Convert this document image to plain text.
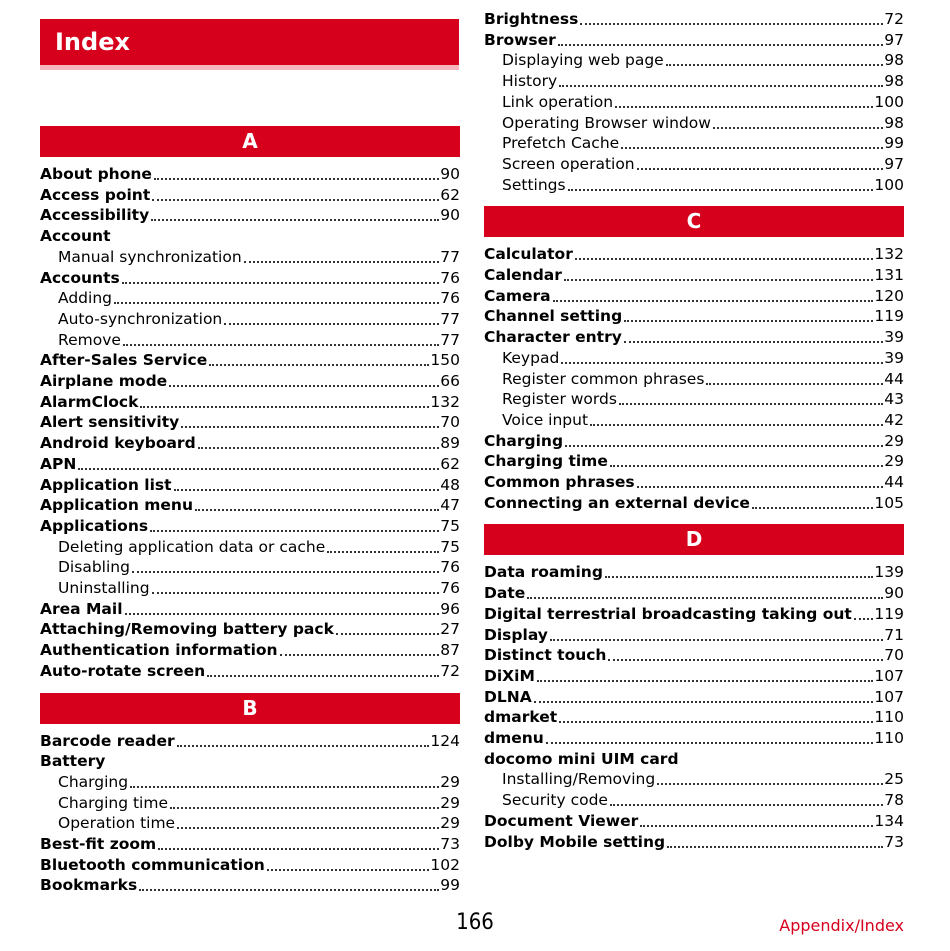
Index
A
About phone	90
Access point	62
Accessibility	90
Account
Manual synchronization	77
Accounts	76
Adding	76
Auto-synchronization	77
Remove	77
After-Sales Service	150
Airplane mode	66
AlarmClock	132
Alert sensitivity	70
Android keyboard	89
APN	62
Application list	48
Application menu	47
Applications	75
Deleting application data or cache	75
Disabling	76
Uninstalling	76
Area Mail	96
Attaching/Removing battery pack	27
Authentication information	87
Auto-rotate screen	72
B
Barcode reader	124
Battery
Charging	29
Charging time	29
Operation time	29
Best-fit zoom	73
Bluetooth communication	102
Bookmarks	99
Brightness	72
Browser	97
Displaying web page	98
History	98
Link operation	100
Operating Browser window	98
Prefetch Cache	99
Screen operation	97
Settings	100
C
Calculator	132
Calendar	131
Camera	120
Channel setting	119
Character entry	39
Keypad	39
Register common phrases	44
Register words	43
Voice input	42
Charging	29
Charging time	29
Common phrases	44
Connecting an external device	105
D
Data roaming	139
Date	90
Digital terrestrial broadcasting taking out 119
Display	71
Distinct touch	70
DiXiM	107
DLNA	107
dmarket	110
dmenu	110
docomo mini UIM card
Installing/Removing	25
Security code	78
Document Viewer	134
Dolby Mobile setting	73
166	Appendix/Index
